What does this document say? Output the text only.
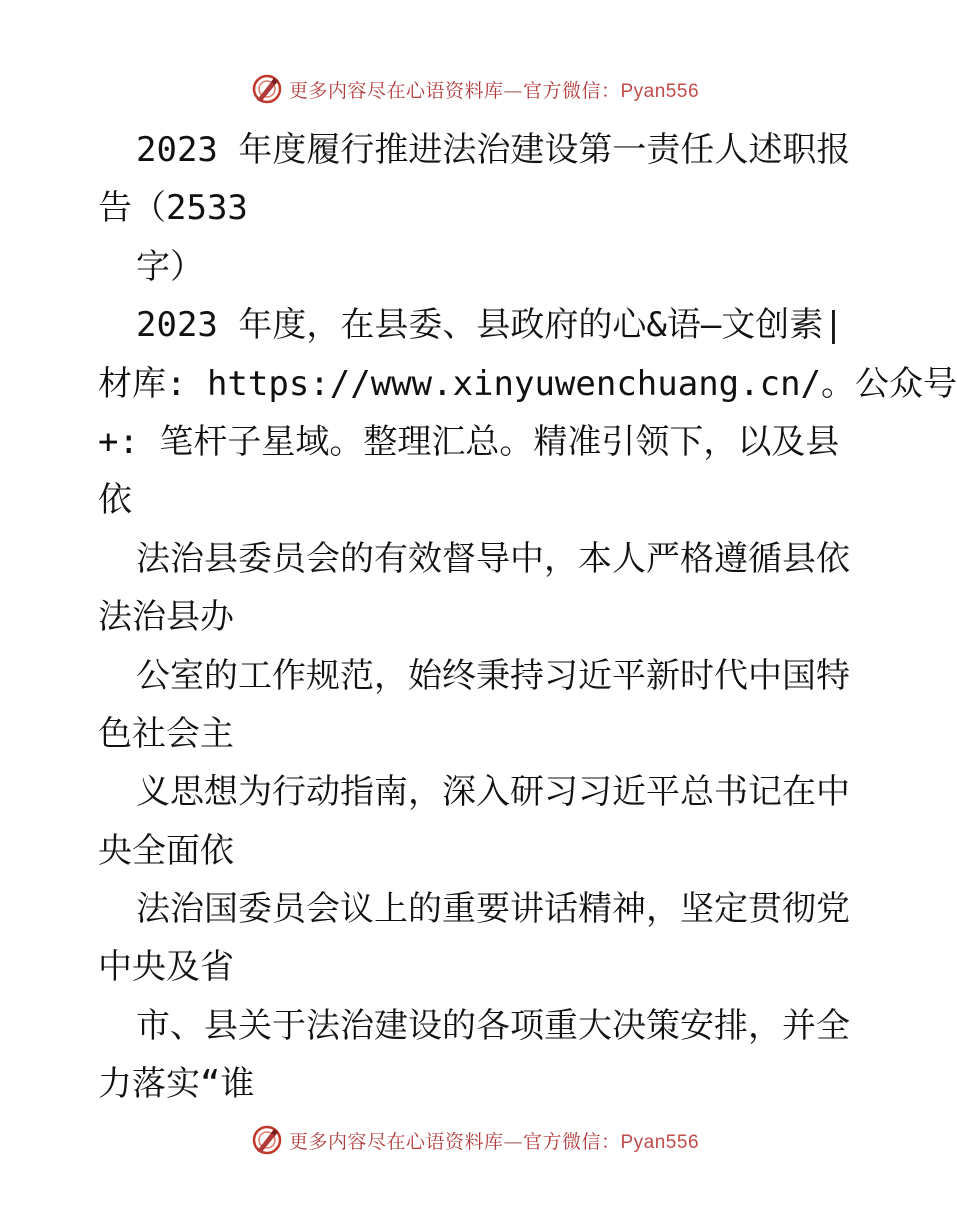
更多内容尽在心语资料库—官方微信：Pyan556
2023 年度履行推进法治建设第一责任人述职报
告（2533
字）
2023 年度，在县委、县政府的心&语—文创素|
材库: https://www.xinyuwenchuang.cn/。公众号
+: 笔杆子星域。整理汇总。精准引领下，以及县
依
法治县委员会的有效督导中，本人严格遵循县依
法治县办
公室的工作规范，始终秉持习近平新时代中国特
色社会主
义思想为行动指南，深入研习习近平总书记在中
央全面依
法治国委员会议上的重要讲话精神，坚定贯彻党
中央及省
市、县关于法治建设的各项重大决策安排，并全
力落实“谁
更多内容尽在心语资料库—官方微信：Pyan556
